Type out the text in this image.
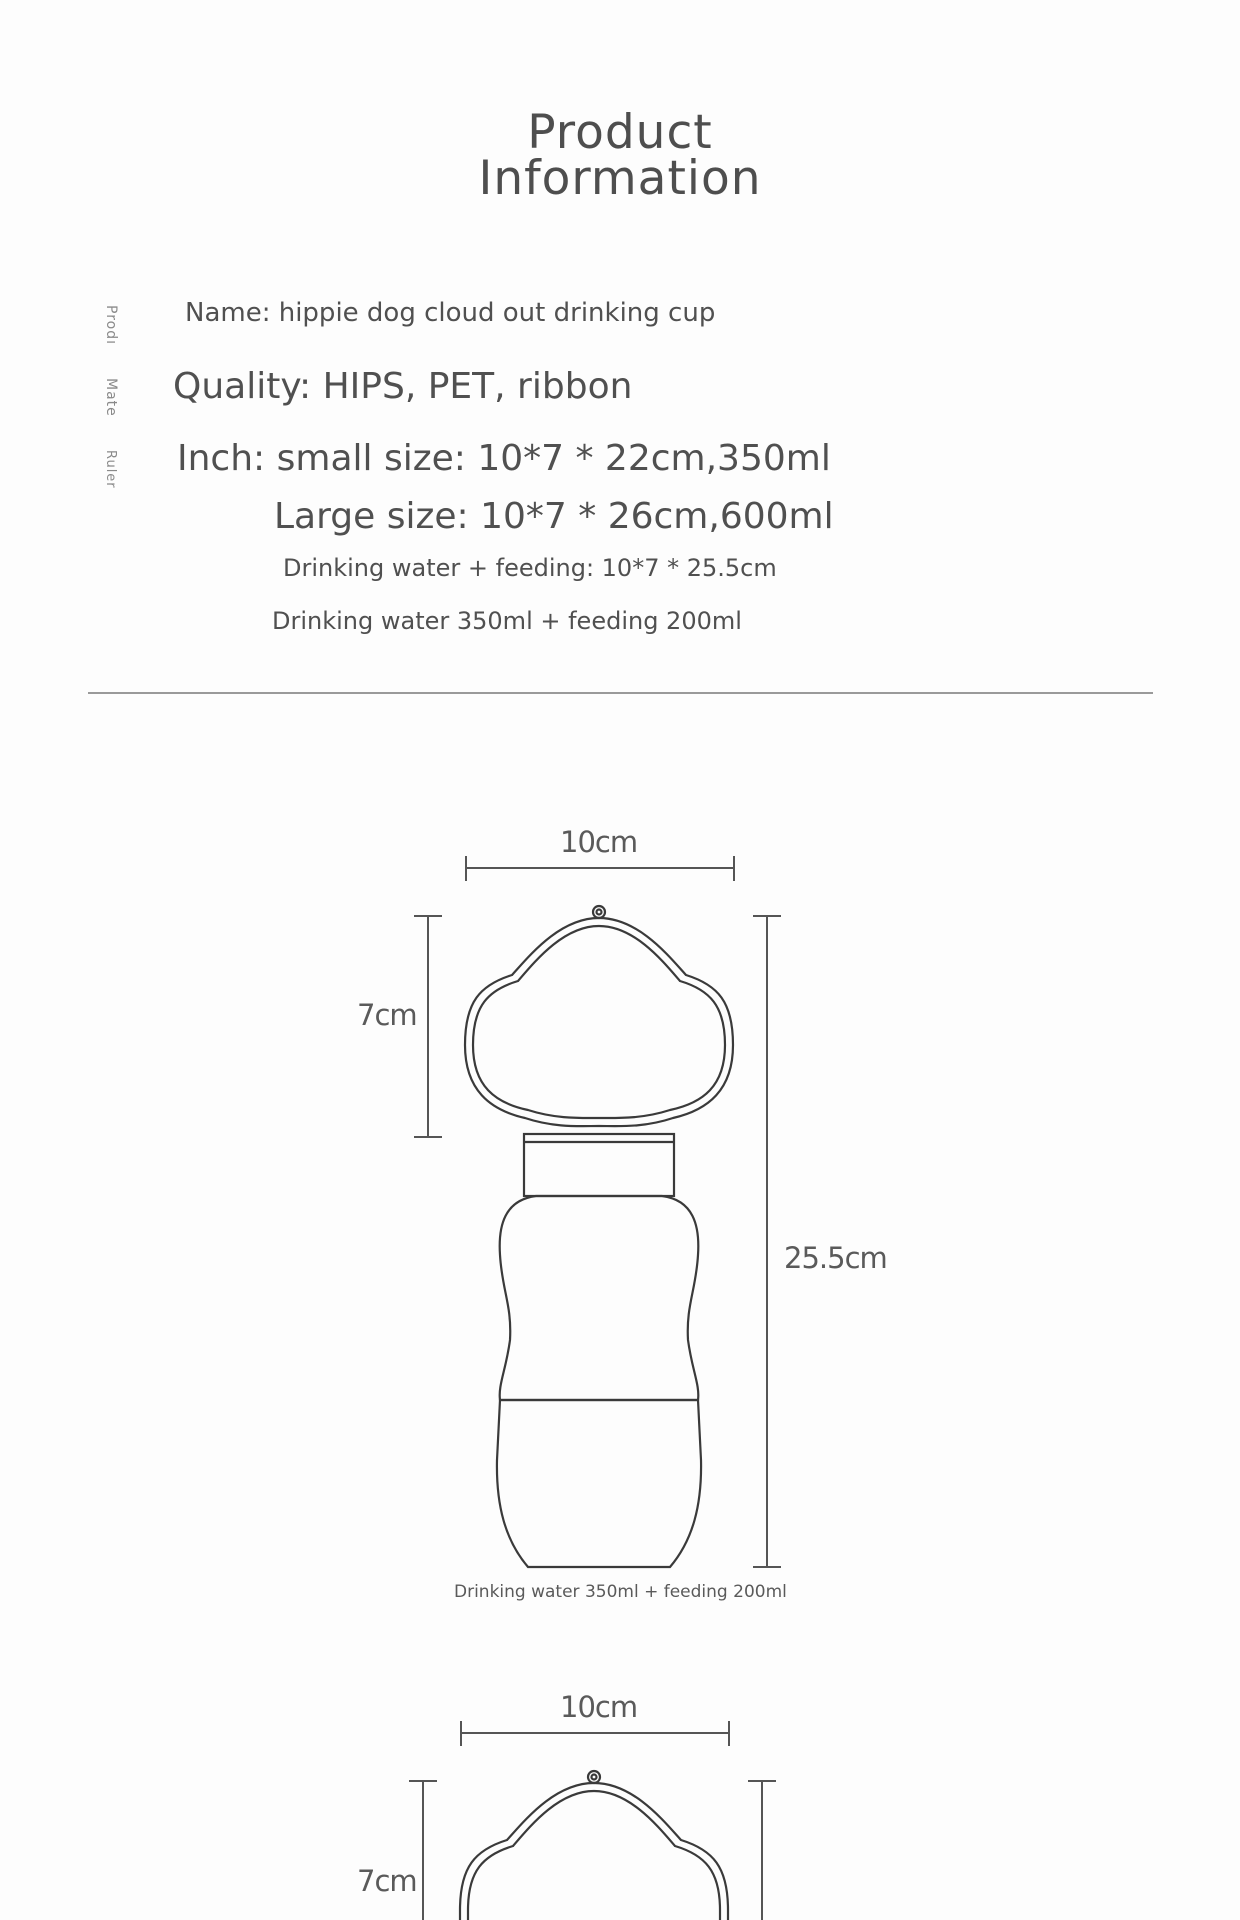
Product
Information
Prodı
Mate
Ruler
Name: hippie dog cloud out drinking cup
Quality: HIPS, PET, ribbon
Inch: small size: 10*7 * 22cm,350ml
Large size: 10*7 * 26cm,600ml
Drinking water + feeding: 10*7 * 25.5cm
Drinking water 350ml + feeding 200ml
10cm
7cm
25.5cm
Drinking water 350ml + feeding 200ml
10cm
7cm
